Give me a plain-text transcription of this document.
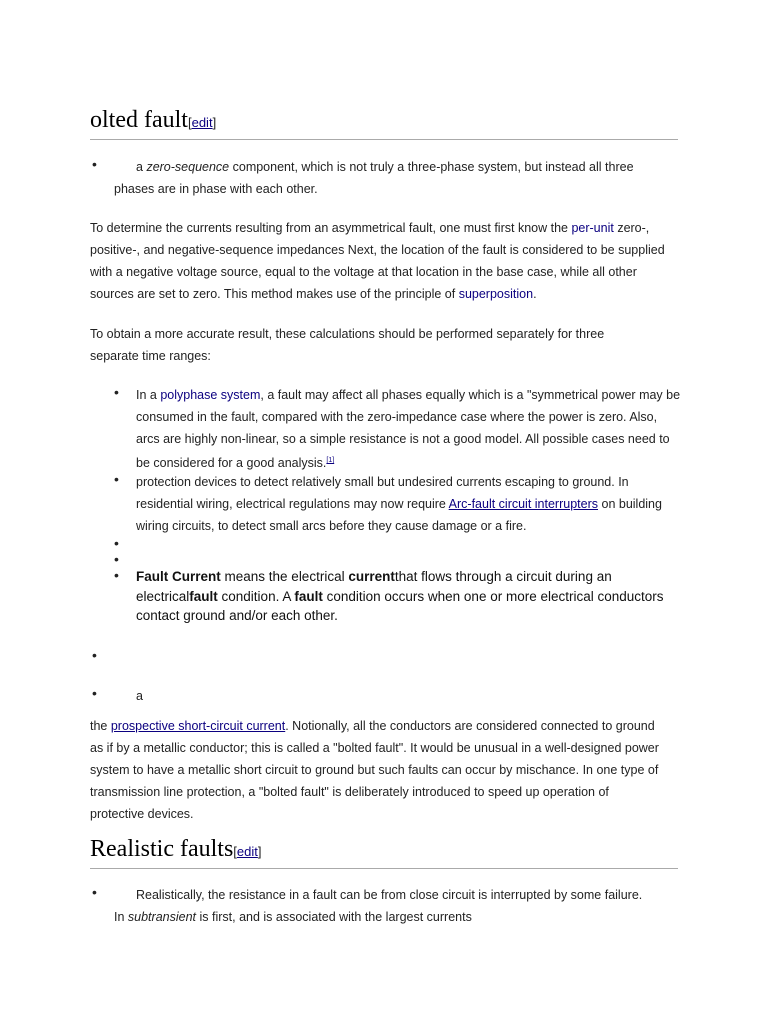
olted fault[edit]
•	a zero-sequence component, which is not truly a three-phase system, but instead all three
phases are in phase with each other.

To determine the currents resulting from an asymmetrical fault, one must first know the per-unit zero-, positive-, and negative-sequence impedances Next, the location of the fault is considered to be supplied with a negative voltage source, equal to the voltage at that location in the base case, while all other sources are set to zero. This method makes use of the principle of superposition.

To obtain a more accurate result, these calculations should be performed separately for three separate time ranges:

• In a polyphase system, a fault may affect all phases equally which is a "symmetrical power may be consumed in the fault, compared with the zero-impedance case where the power is zero. Also, arcs are highly non-linear, so a simple resistance is not a good model. All possible cases need to be considered for a good analysis.[1]
• protection devices to detect relatively small but undesired currents escaping to ground. In residential wiring, electrical regulations may now require Arc-fault circuit interrupters on building wiring circuits, to detect small arcs before they cause damage or a fire.
•
•
• Fault Current means the electrical currentthat flows through a circuit during an electricalfault condition. A fault condition occurs when one or more electrical conductors contact ground and/or each other.
•
•	a

the prospective short-circuit current. Notionally, all the conductors are considered connected to ground as if by a metallic conductor; this is called a "bolted fault". It would be unusual in a well-designed power system to have a metallic short circuit to ground but such faults can occur by mischance. In one type of transmission line protection, a "bolted fault" is deliberately introduced to speed up operation of protective devices.

Realistic faults[edit]
•	Realistically, the resistance in a fault can be from close circuit is interrupted by some failure.
In subtransient is first, and is associated with the largest currents
